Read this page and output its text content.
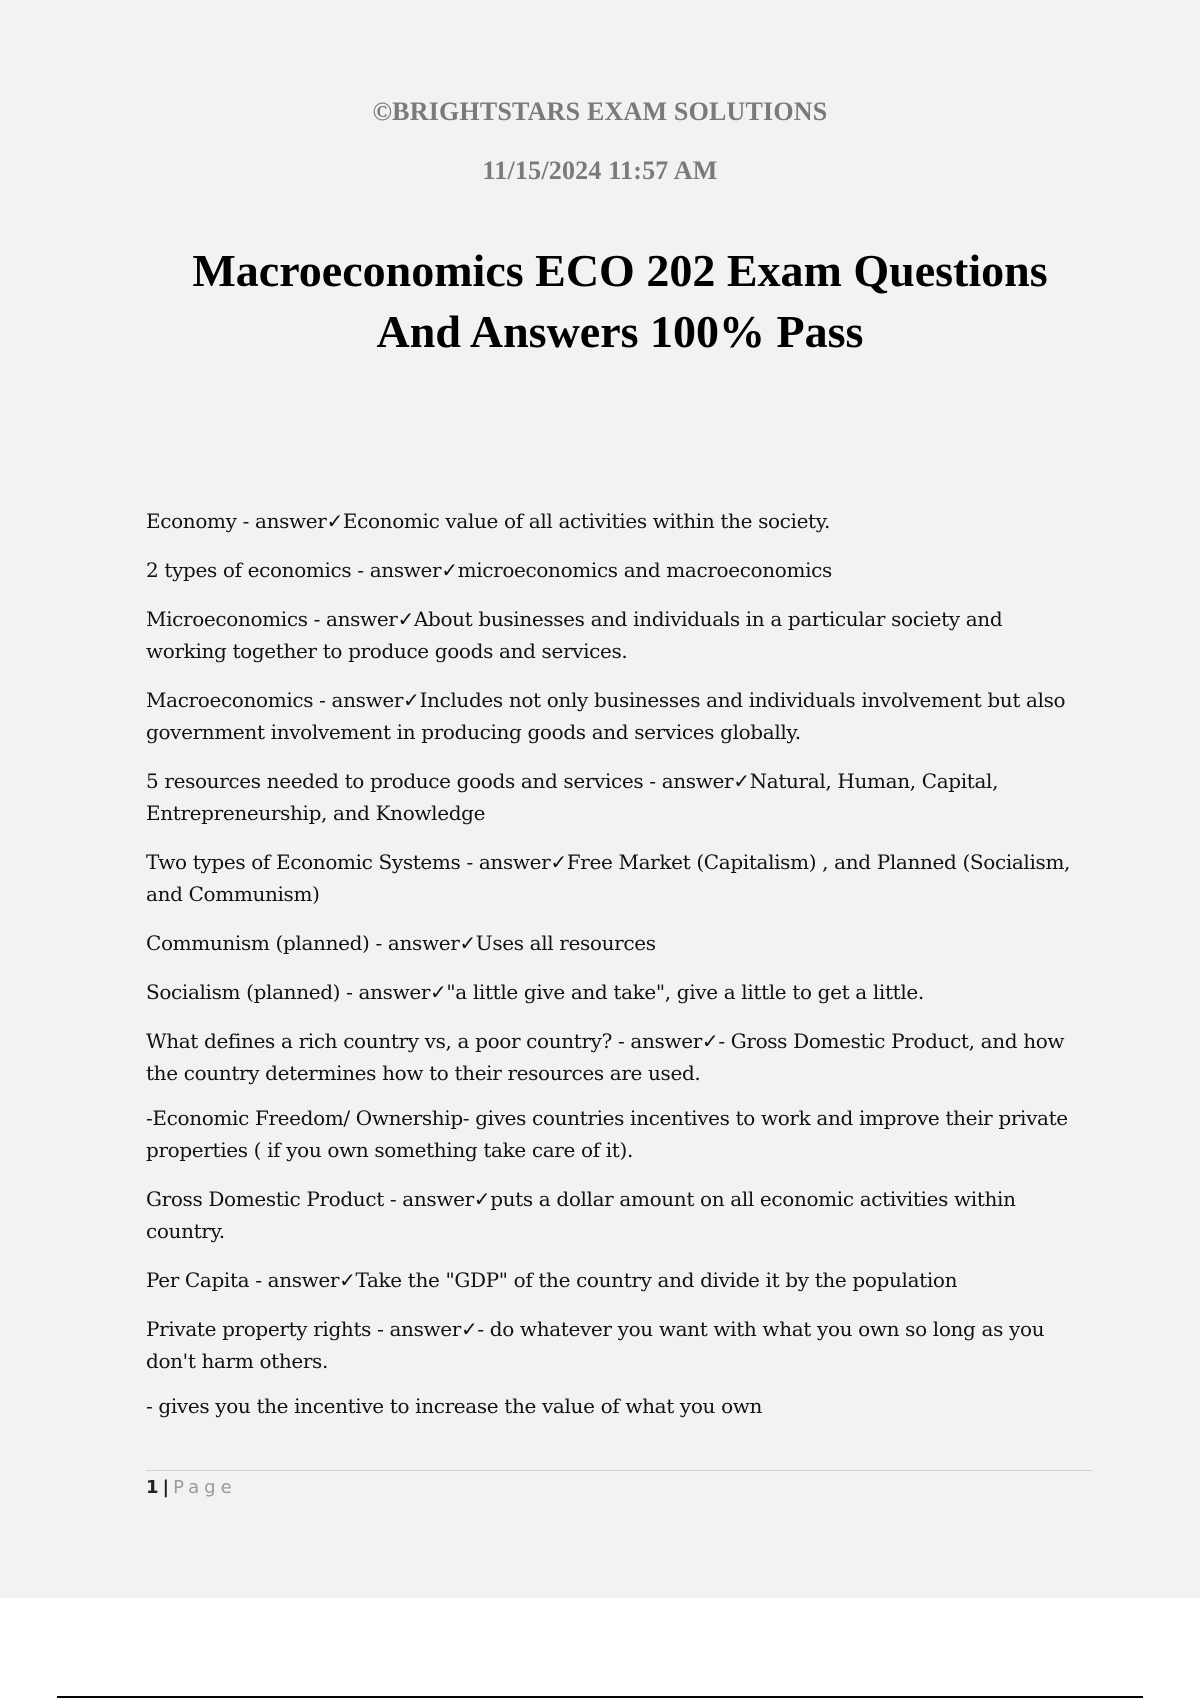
©BRIGHTSTARS EXAM SOLUTIONS
11/15/2024 11:57 AM
Macroeconomics ECO 202 Exam Questions
And Answers 100% Pass

Economy - answer✓Economic value of all activities within the society.

2 types of economics - answer✓microeconomics and macroeconomics

Microeconomics - answer✓About businesses and individuals in a particular society and working together to produce goods and services.

Macroeconomics - answer✓Includes not only businesses and individuals involvement but also government involvement in producing goods and services globally.

5 resources needed to produce goods and services - answer✓Natural, Human, Capital, Entrepreneurship, and Knowledge

Two types of Economic Systems - answer✓Free Market (Capitalism) , and Planned (Socialism, and Communism)

Communism (planned) - answer✓Uses all resources

Socialism (planned) - answer✓"a little give and take", give a little to get a little.

What defines a rich country vs, a poor country? - answer✓- Gross Domestic Product, and how the country determines how to their resources are used.

-Economic Freedom/ Ownership- gives countries incentives to work and improve their private properties ( if you own something take care of it).

Gross Domestic Product - answer✓puts a dollar amount on all economic activities within country.

Per Capita - answer✓Take the "GDP" of the country and divide it by the population

Private property rights - answer✓- do whatever you want with what you own so long as you don't harm others.

- gives you the incentive to increase the value of what you own

1 | Page
